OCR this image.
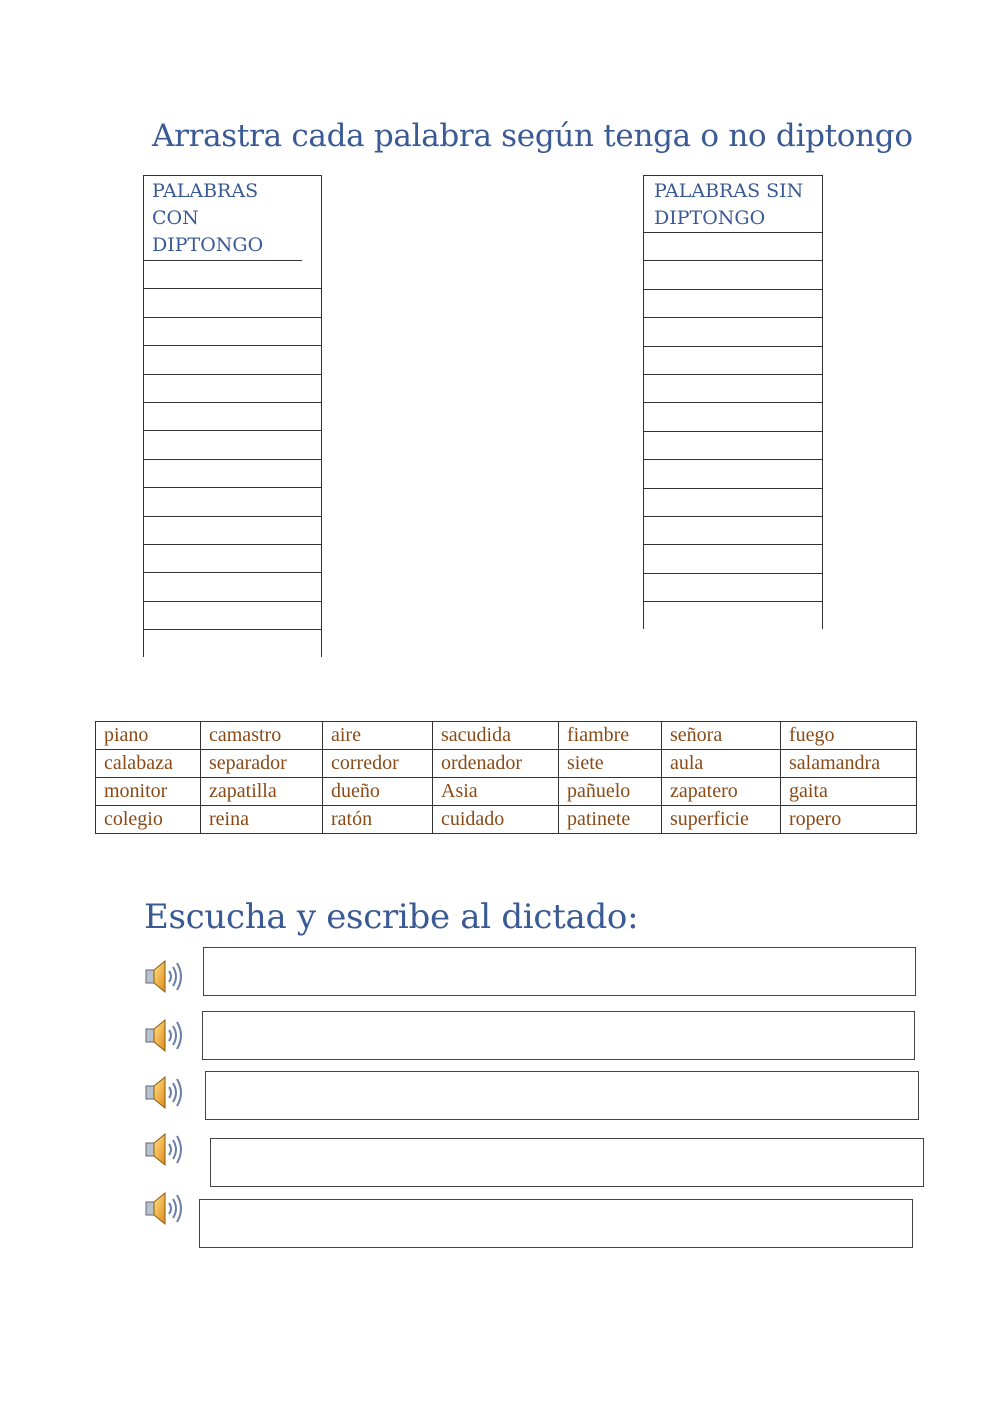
Arrastra cada palabra según tenga o no diptongo
PALABRAS CON DIPTONGO
PALABRAS SIN DIPTONGO
piano	camastro	aire	sacudida	fiambre	señora	fuego
calabaza	separador	corredor	ordenador	siete	aula	salamandra
monitor	zapatilla	dueño	Asia	pañuelo	zapatero	gaita
colegio	reina	ratón	cuidado	patinete	superficie	ropero
Escucha y escribe al dictado:
